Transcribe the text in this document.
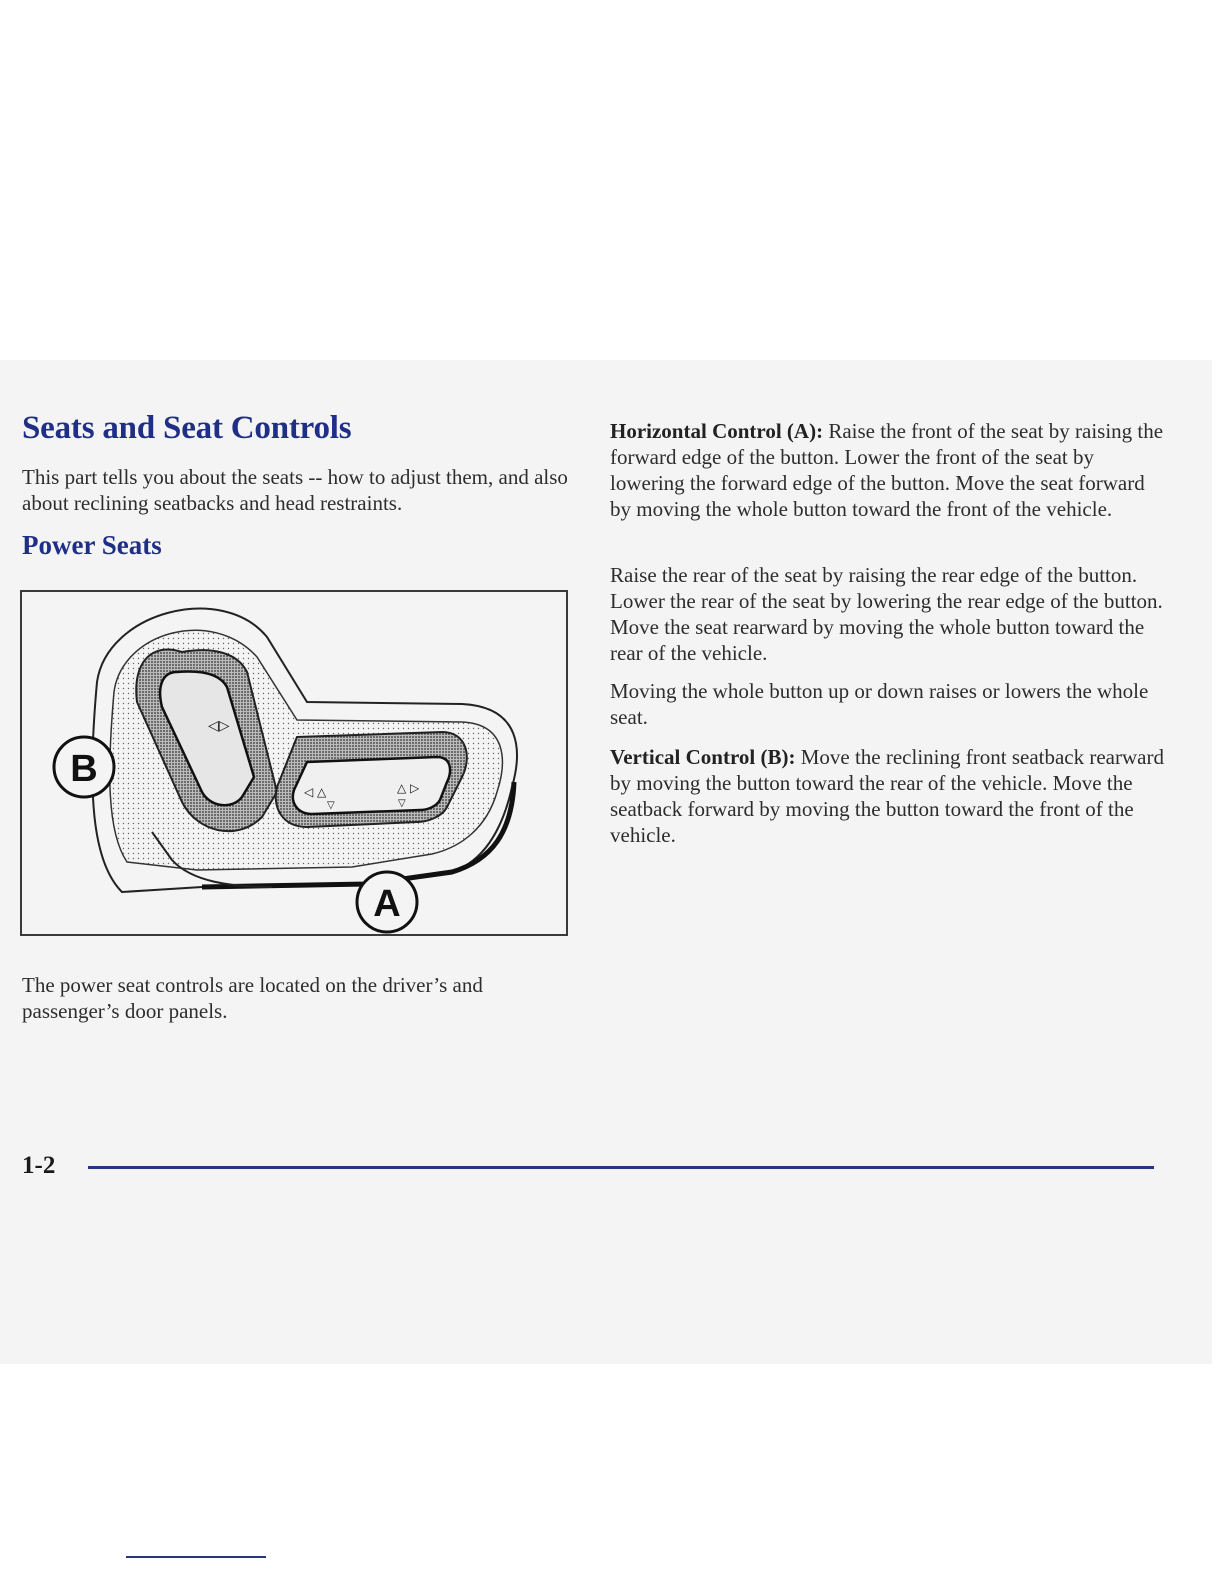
Seats and Seat Controls

This part tells you about the seats -- how to adjust them, and also about reclining seatbacks and head restraints.

Power Seats
◁▷
◁ △
▽
△ ▷
▽
B
A

The power seat controls are located on the driver’s and passenger’s door panels.

Horizontal Control (A): Raise the front of the seat by raising the forward edge of the button. Lower the front of the seat by lowering the forward edge of the button. Move the seat forward by moving the whole button toward the front of the vehicle.

Raise the rear of the seat by raising the rear edge of the button. Lower the rear of the seat by lowering the rear edge of the button. Move the seat rearward by moving the whole button toward the rear of the vehicle.

Moving the whole button up or down raises or lowers the whole seat.

Vertical Control (B): Move the reclining front seatback rearward by moving the button toward the rear of the vehicle. Move the seatback forward by moving the button toward the front of the vehicle.

1-2
